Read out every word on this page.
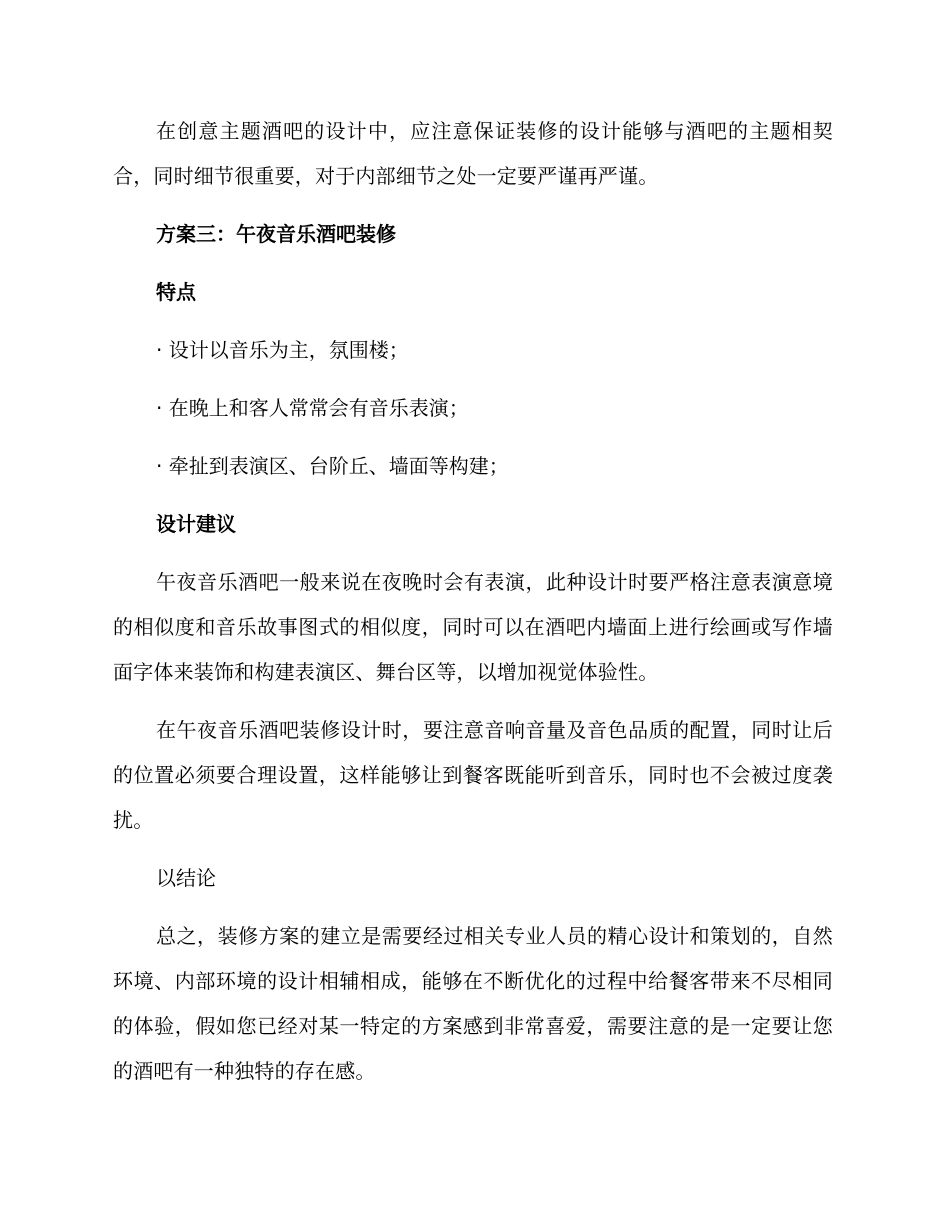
在创意主题酒吧的设计中，应注意保证装修的设计能够与酒吧的主题相契合，同时细节很重要，对于内部细节之处一定要严谨再严谨。

方案三：午夜音乐酒吧装修

特点

· 设计以音乐为主，氛围楼；

· 在晚上和客人常常会有音乐表演；

· 牵扯到表演区、台阶丘、墙面等构建；

设计建议

午夜音乐酒吧一般来说在夜晚时会有表演，此种设计时要严格注意表演意境的相似度和音乐故事图式的相似度，同时可以在酒吧内墙面上进行绘画或写作墙面字体来装饰和构建表演区、舞台区等，以增加视觉体验性。

在午夜音乐酒吧装修设计时，要注意音响音量及音色品质的配置，同时让后的位置必须要合理设置，这样能够让到餐客既能听到音乐，同时也不会被过度袭扰。

以结论

总之，装修方案的建立是需要经过相关专业人员的精心设计和策划的，自然环境、内部环境的设计相辅相成，能够在不断优化的过程中给餐客带来不尽相同的体验，假如您已经对某一特定的方案感到非常喜爱，需要注意的是一定要让您的酒吧有一种独特的存在感。
